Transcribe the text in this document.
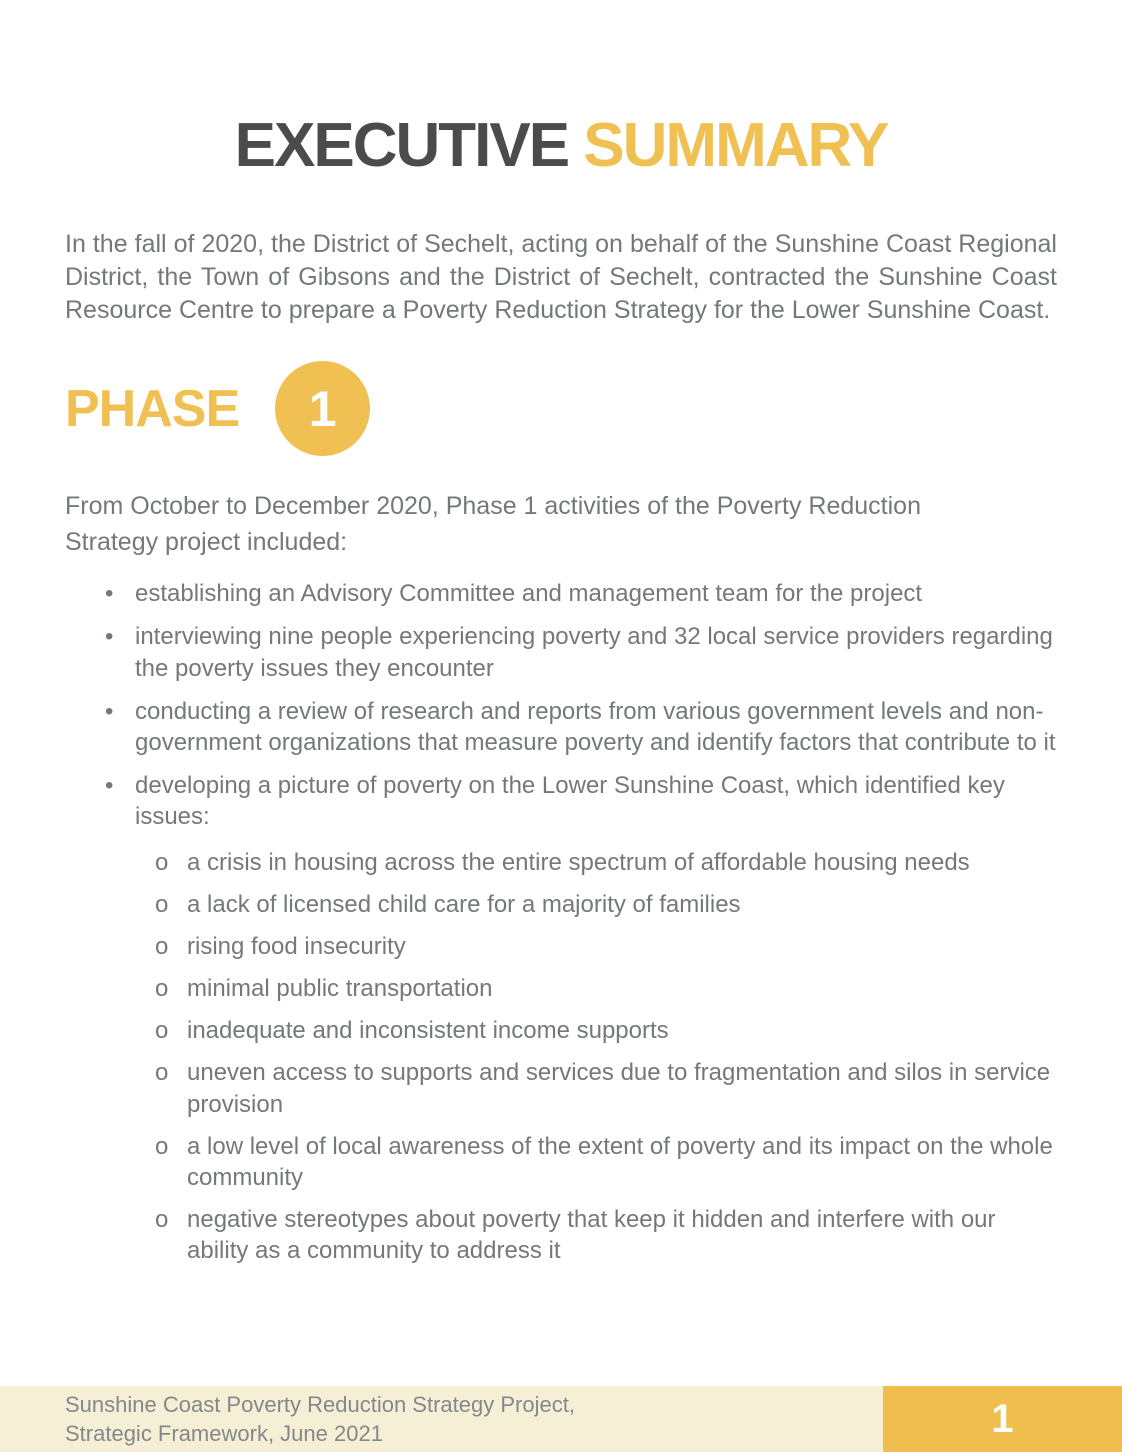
EXECUTIVE SUMMARY

In the fall of 2020, the District of Sechelt, acting on behalf of the Sunshine Coast Regional District, the Town of Gibsons and the District of Sechelt, contracted the Sunshine Coast Resource Centre to prepare a Poverty Reduction Strategy for the Lower Sunshine Coast.

PHASE 1

From October to December 2020, Phase 1 activities of the Poverty Reduction Strategy project included:

• establishing an Advisory Committee and management team for the project
• interviewing nine people experiencing poverty and 32 local service providers regarding the poverty issues they encounter
• conducting a review of research and reports from various government levels and non-government organizations that measure poverty and identify factors that contribute to it
• developing a picture of poverty on the Lower Sunshine Coast, which identified key issues:
o a crisis in housing across the entire spectrum of affordable housing needs
o a lack of licensed child care for a majority of families
o rising food insecurity
o minimal public transportation
o inadequate and inconsistent income supports
o uneven access to supports and services due to fragmentation and silos in service provision
o a low level of local awareness of the extent of poverty and its impact on the whole community
o negative stereotypes about poverty that keep it hidden and interfere with our ability as a community to address it
Sunshine Coast Poverty Reduction Strategy Project,
Strategic Framework, June 2021	1
